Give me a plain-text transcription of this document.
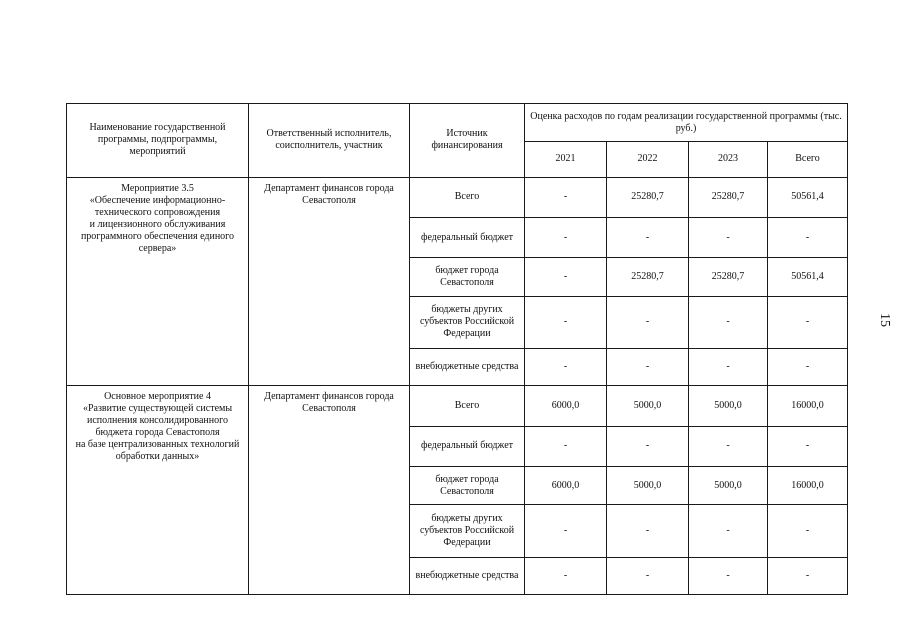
Наименование государственной программы, подпрограммы, мероприятий	Ответственный исполнитель, соисполнитель, участник	Источник финансирования	Оценка расходов по годам реализации государственной программы (тыс. руб.)			
			2021	2022	2023	Всего
Мероприятие 3.5
«Обеспечение информационно-технического сопровождения
и лицензионного обслуживания программного обеспечения единого сервера»	Департамент финансов города Севастополя	Всего	-	25280,7	25280,7	50561,4
		федеральный бюджет	-	-	-	-
		бюджет города Севастополя	-	25280,7	25280,7	50561,4
		бюджеты других субъектов Российской Федерации	-	-	-	-
		внебюджетные средства	-	-	-	-
Основное мероприятие 4
«Развитие существующей системы исполнения консолидированного бюджета города Севастополя
на базе централизованных технологий обработки данных»	Департамент финансов города Севастополя	Всего	6000,0	5000,0	5000,0	16000,0
		федеральный бюджет	-	-	-	-
		бюджет города Севастополя	6000,0	5000,0	5000,0	16000,0
		бюджеты других субъектов Российской Федерации	-	-	-	-
		внебюджетные средства	-	-	-	-
15
